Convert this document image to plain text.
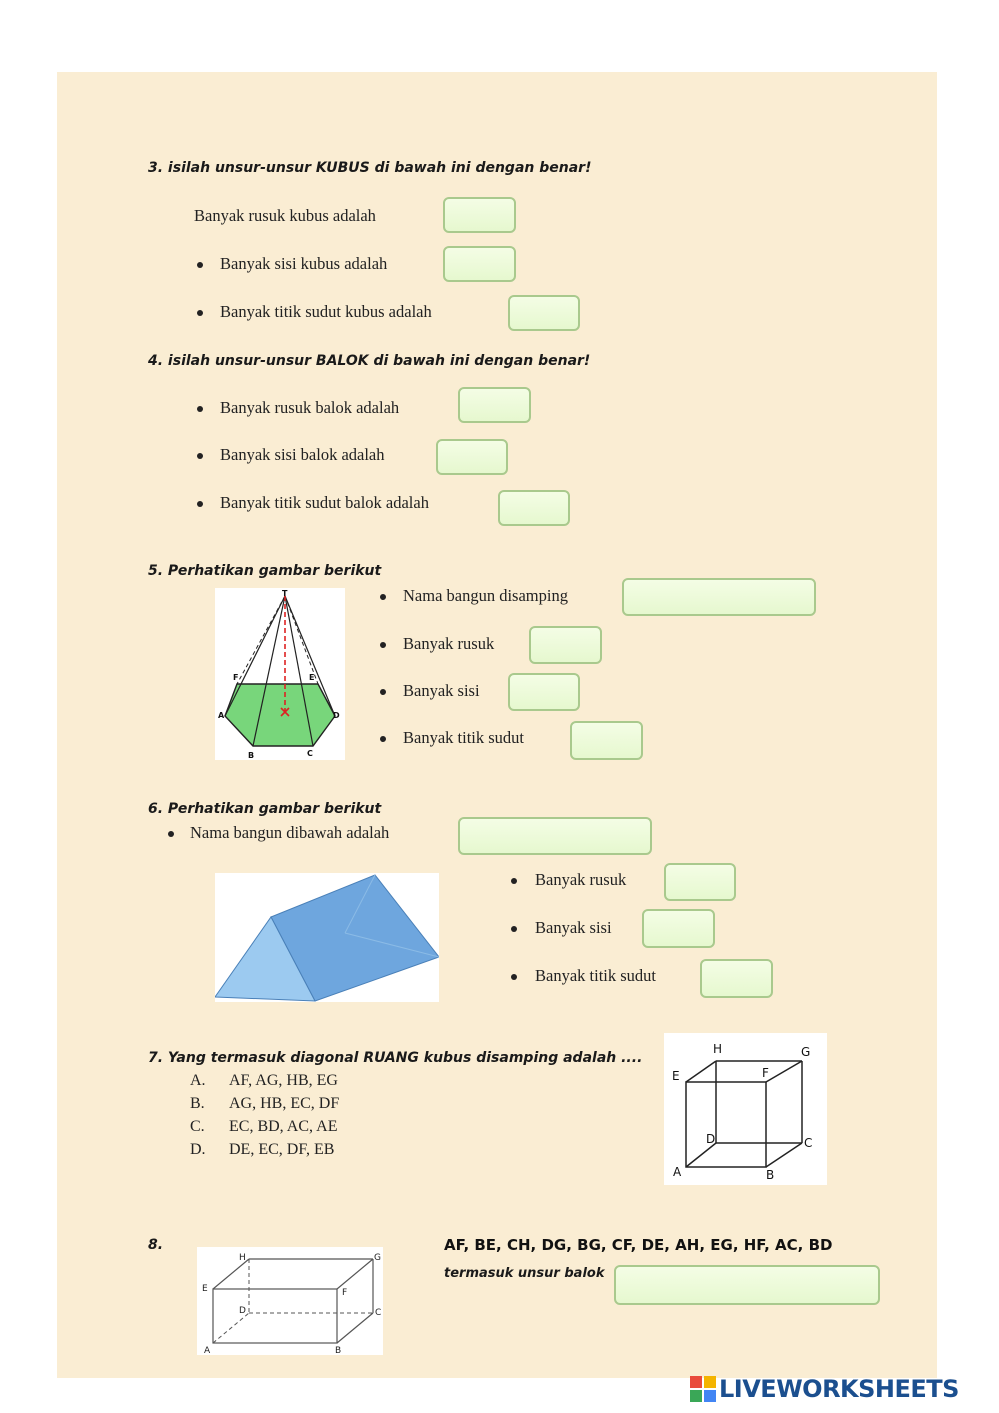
3. isilah unsur-unsur KUBUS di bawah ini dengan benar!
Banyak rusuk kubus adalah
Banyak sisi kubus adalah
Banyak titik sudut kubus adalah
4. isilah unsur-unsur BALOK di bawah ini dengan benar!
Banyak rusuk balok adalah
Banyak sisi balok adalah
Banyak titik sudut balok adalah
5. Perhatikan gambar berikut
T
F	E
A	D
B	C
Nama bangun disamping
Banyak rusuk
Banyak sisi
Banyak titik sudut
6. Perhatikan gambar berikut
Nama bangun dibawah adalah
Banyak rusuk
Banyak sisi
Banyak titik sudut
7. Yang termasuk diagonal RUANG kubus disamping adalah ....
A. AF, AG, HB, EG
B. AG, HB, EC, DF
C. EC, BD, AC, AE
D. DE, EC, DF, EB
H	G
E	F
D	C
A	B
8.
H	G
E	F
D	C
A	B
AF, BE, CH, DG, BG, CF, DE, AH, EG, HF, AC, BD
termasuk unsur balok
LIVEWORKSHEETS
